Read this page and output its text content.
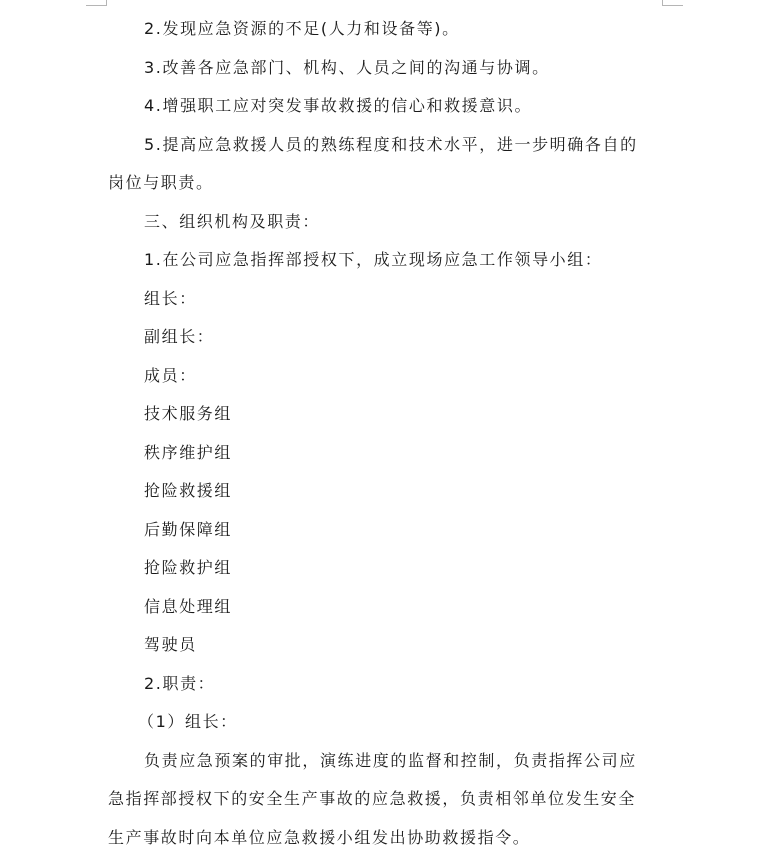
2.发现应急资源的不足(人力和设备等)。

3.改善各应急部门、机构、人员之间的沟通与协调。

4.增强职工应对突发事故救援的信心和救援意识。

5.提高应急救援人员的熟练程度和技术水平，进一步明确各自的

岗位与职责。

三、组织机构及职责：

1.在公司应急指挥部授权下，成立现场应急工作领导小组：

组长：

副组长：

成员：

技术服务组

秩序维护组

抢险救援组

后勤保障组

抢险救护组

信息处理组

驾驶员

2.职责：

（1）组长：

负责应急预案的审批，演练进度的监督和控制，负责指挥公司应

急指挥部授权下的安全生产事故的应急救援，负责相邻单位发生安全

生产事故时向本单位应急救援小组发出协助救援指令。
